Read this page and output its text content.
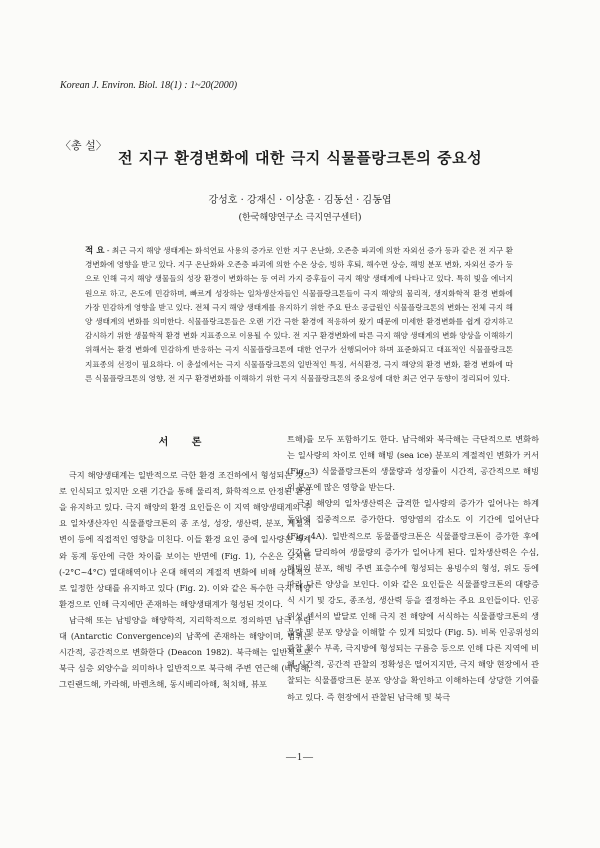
Korean J. Environ. Biol. 18(1) : 1~20(2000)
〈총 설〉
전 지구 환경변화에 대한 극지 식물플랑크톤의 중요성
강성호 · 강재신 · 이상훈 · 김동선 · 김동엽
(한국해양연구소 극지연구센터)
적 요 - 최근 극지 해양 생태계는 화석연료 사용의 증가로 인한 지구 온난화, 오존층 파괴에 의한 자외선 증가 등과 같은 전 지구 환경변화에 영향을 받고 있다. 지구 온난화와 오존층 파괴에 의한 수온 상승, 빙하 후퇴, 해수면 상승, 해빙 분포 변화, 자외선 증가 등으로 인해 극지 해양 생물들의 성장 환경이 변화하는 등 여러 가지 증후들이 극지 해양 생태계에 나타나고 있다. 특히 빛을 에너지원으로 하고, 온도에 민감하며, 빠르게 성장하는 일차생산자들인 식물플랑크톤들이 극지 해양의 물리적, 생지화학적 환경 변화에 가장 민감하게 영향을 받고 있다. 전체 극지 해양 생태계를 유지하기 위한 주요 탄소 공급원인 식물플랑크톤의 변화는 전체 극지 해양 생태계의 변화를 의미한다. 식물플랑크톤들은 오랜 기간 극한 환경에 적응하여 왔기 때문에 미세한 환경변화를 쉽게 감지하고 감시하기 위한 생물학적 환경 변화 지표종으로 이용될 수 있다. 전 지구 환경변화에 따른 극지 해양 생태계의 변화 양상을 이해하기 위해서는 환경 변화에 민감하게 반응하는 극지 식물플랑크톤에 대한 연구가 선행되어야 하며 표준화되고 대표적인 식물플랑크톤 지표종의 선정이 필요하다. 이 총설에서는 극지 식물플랑크톤의 일반적인 특징, 서식환경, 극지 해양의 환경 변화, 환경 변화에 따른 식물플랑크톤의 영향, 전 지구 환경변화를 이해하기 위한 극지 식물플랑크톤의 중요성에 대한 최근 연구 동향이 정리되어 있다.
서 론

극지 해양생태계는 일반적으로 극한 환경 조건하에서 형성되는 것으로 인식되고 있지만 오랜 기간을 통해 물리적, 화학적으로 안정된 환경을 유지하고 있다. 극지 해양의 환경 요인들은 이 지역 해양생태계의 주요 일차생산자인 식물플랑크톤의 종 조성, 성장, 생산력, 분포, 계절적 변이 등에 직접적인 영향을 미친다. 이들 환경 요인 중에 일사량은 하계와 동계 동안에 극한 차이를 보이는 반면에 (Fig. 1), 수온은 낮지만 (-2°C~4°C) 열대해역이나 온대 해역의 계절적 변화에 비해 상대적으로 일정한 상태를 유지하고 있다 (Fig. 2). 이와 같은 특수한 극지 해양 환경으로 인해 극지에만 존재하는 해양생태계가 형성된 것이다.

남극해 또는 남빙양을 해양학적, 지리학적으로 정의하면 남극 수렴대 (Antarctic Convergence)의 남쪽에 존재하는 해양이며, 범위는 시간적, 공간적으로 변화한다 (Deacon 1982). 북극해는 일반적으로 북극 심층 외양수을 의미하나 일반적으로 북극해 주변 연근해 (베링해, 그린랜드해, 카라해, 바렌츠해, 동시베리아해, 척치해, 뷰포

트해)를 모두 포함하기도 한다. 남극해와 북극해는 극단적으로 변화하는 일사량의 차이로 인해 해빙 (sea ice) 분포의 계절적인 변화가 커서 (Fig. 3) 식물플랑크톤의 생물량과 성장률이 시간적, 공간적으로 해빙의 분포에 많은 영향을 받는다.

극지 해양의 일차생산력은 급격한 일사량의 증가가 일어나는 하계 동안에 집중적으로 증가한다. 영양염의 감소도 이 기간에 일어난다 (Fig. 4A). 일반적으로 동물플랑크톤은 식물플랑크톤이 증가한 후에 기간을 달리하여 생물량의 증가가 일어나게 된다. 일차생산력은 수심, 해빙의 분포, 해빙 주변 표층수에 형성되는 용빙수의 형성, 위도 등에 따라 다른 양상을 보인다. 이와 같은 요인들은 식물플랑크톤의 대량증식 시기 및 강도, 종조성, 생산력 등을 결정하는 주요 요인들이다. 인공위성 센서의 발달로 인해 극지 전 해양에 서식하는 식물플랑크톤의 생물량 및 분포 양상을 이해할 수 있게 되었다 (Fig. 5). 비록 인공위성의 관찰 횟수 부족, 극지방에 형성되는 구름층 등으로 인해 다른 지역에 비해 시간적, 공간적 관찰의 정확성은 떨어지지만, 극지 해양 현장에서 관찰되는 식물플랑크톤 분포 양상을 확인하고 이해하는데 상당한 기여를 하고 있다. 즉 현장에서 관찰된 남극해 및 북극

—1—
